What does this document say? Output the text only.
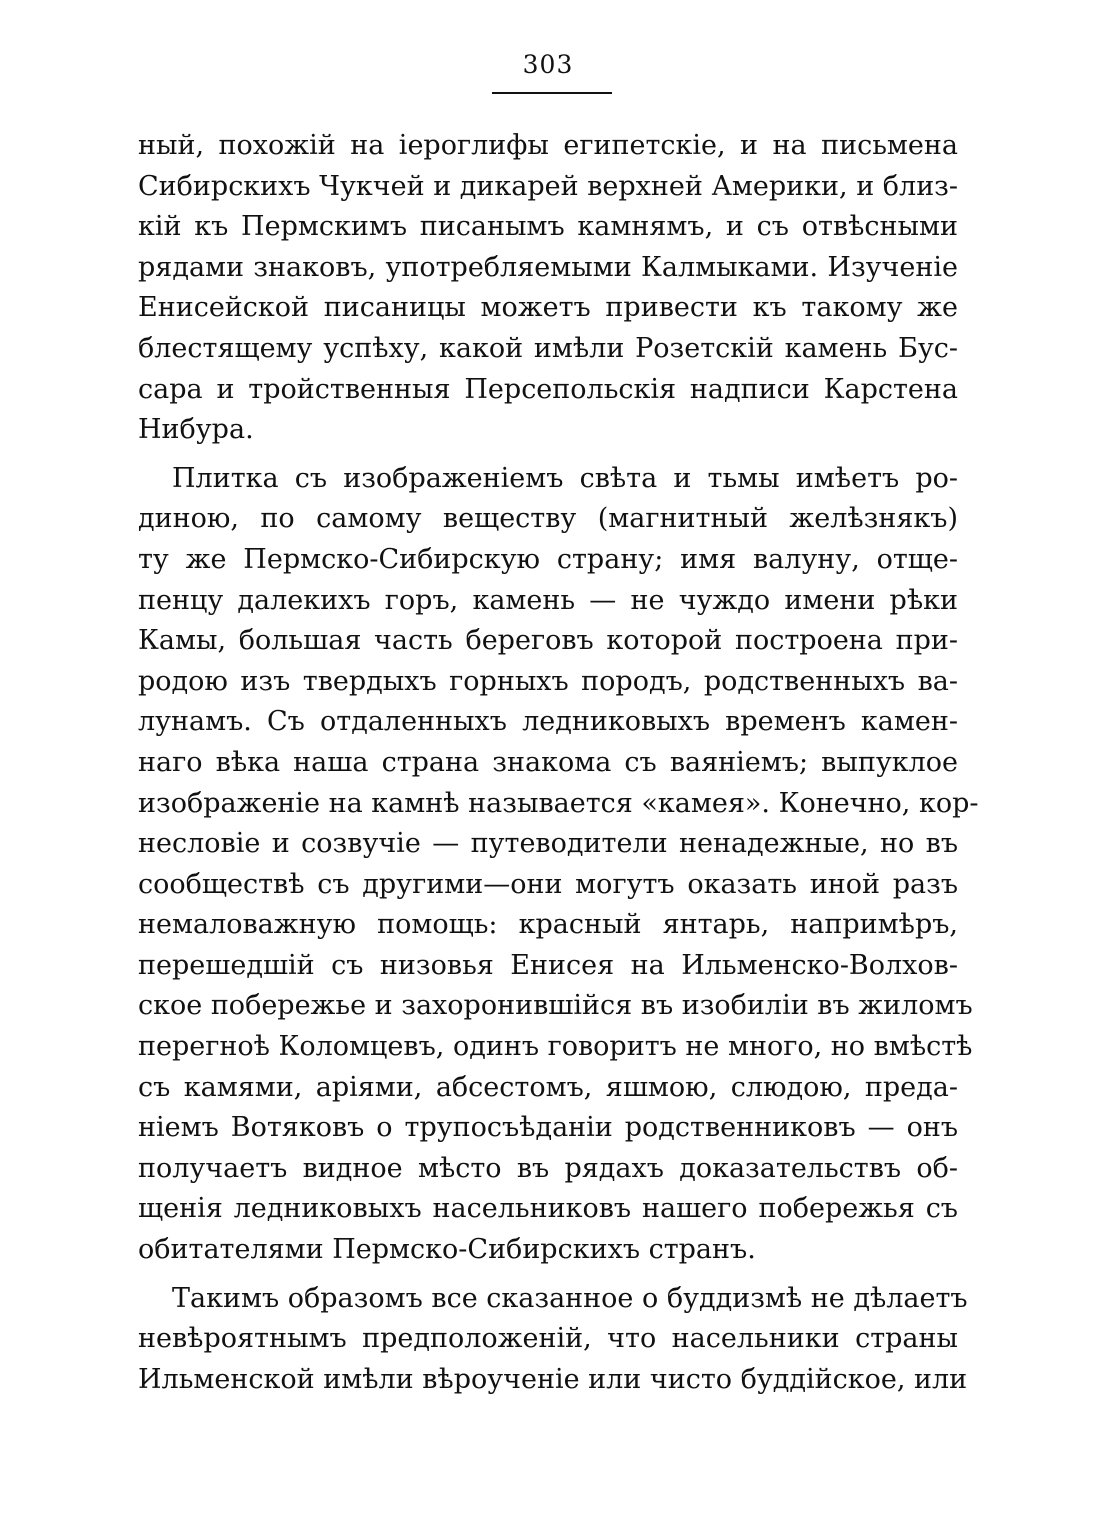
303
ный, похожій на іероглифы египетскіе, и на письмена
Сибирскихъ Чукчей и дикарей верхней Америки, и близ-
кій къ Пермскимъ писанымъ камнямъ, и съ отвѣсными
рядами знаковъ, употребляемыми Калмыками. Изученіе
Енисейской писаницы можетъ привести къ такому же
блестящему успѣху, какой имѣли Розетскій камень Бус-
сара и тройственныя Персепольскія надписи Карстена
Нибура.
Плитка съ изображеніемъ свѣта и тьмы имѣетъ ро-
диною, по самому веществу (магнитный желѣзнякъ)
ту же Пермско-Сибирскую страну; имя валуну, отще-
пенцу далекихъ горъ, камень — не чуждо имени рѣки
Камы, большая часть береговъ которой построена при-
родою изъ твердыхъ горныхъ породъ, родственныхъ ва-
лунамъ. Съ отдаленныхъ ледниковыхъ временъ камен-
наго вѣка наша страна знакома съ ваяніемъ; выпуклое
изображеніе на камнѣ называется «камея». Конечно, кор-
несловіе и созвучіе — путеводители ненадежные, но въ
сообществѣ съ другими—они могутъ оказать иной разъ
немаловажную помощь: красный янтарь, напримѣръ,
перешедшій съ низовья Енисея на Ильменско-Волхов-
ское побережье и захоронившійся въ изобиліи въ жиломъ
перегноѣ Коломцевъ, одинъ говоритъ не много, но вмѣстѣ
съ камями, аріями, абсестомъ, яшмою, слюдою, преда-
ніемъ Вотяковъ о трупосъѣданіи родственниковъ — онъ
получаетъ видное мѣсто въ рядахъ доказательствъ об-
щенія ледниковыхъ насельниковъ нашего побережья съ
обитателями Пермско-Сибирскихъ странъ.
Такимъ образомъ все сказанное о буддизмѣ не дѣлаетъ
невѣроятнымъ предположеній, что насельники страны
Ильменской имѣли вѣроученіе или чисто буддійское, или
